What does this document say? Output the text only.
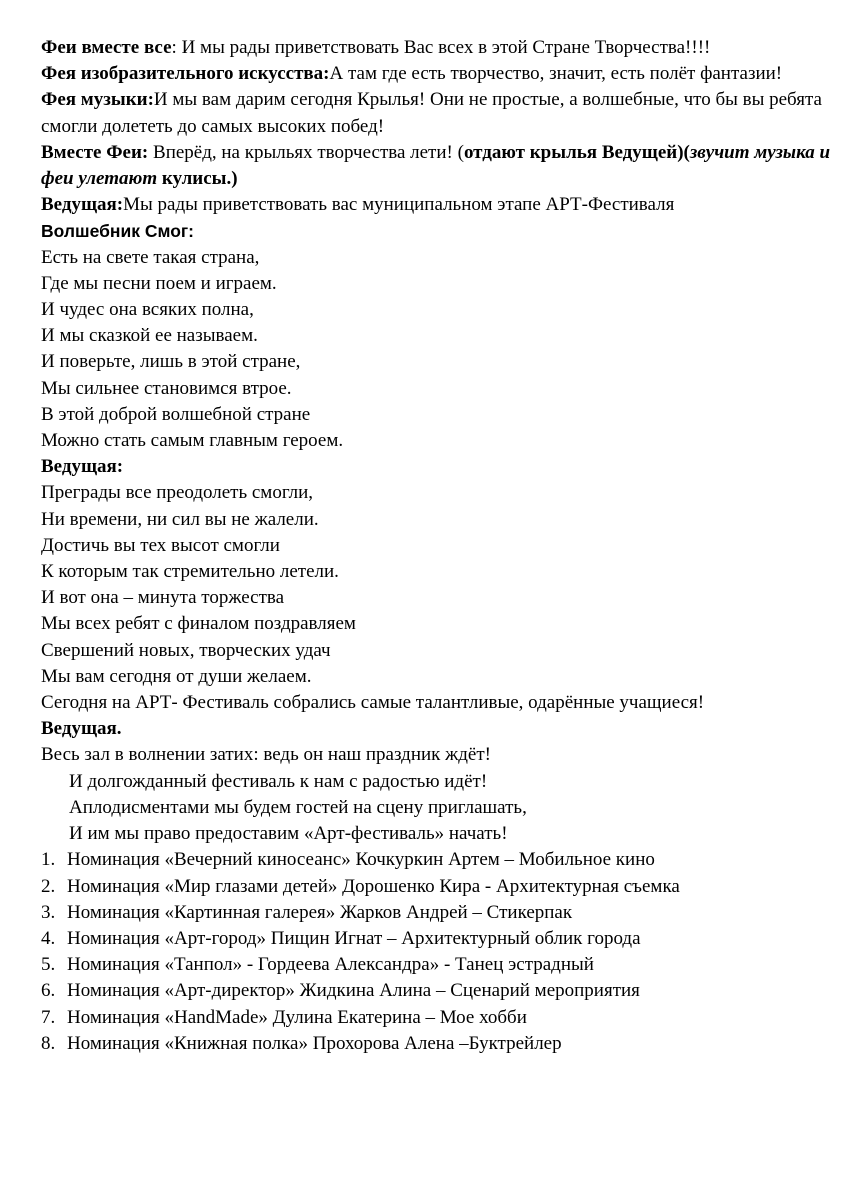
Феи вместе все: И мы рады приветствовать Вас всех в этой Стране Творчества!!!!

Фея изобразительного искусства:А там где есть творчество, значит, есть полёт фантазии!

Фея музыки:И мы вам дарим сегодня Крылья! Они не простые, а волшебные, что бы вы ребята смогли долететь до самых высоких побед!

Вместе Феи: Вперёд, на крыльях творчества лети! (отдают крылья Ведущей)(звучит музыка и феи улетают кулисы.)

Ведущая:Мы рады приветствовать вас муниципальном этапе АРТ-Фестиваля

Волшебник Смог:

Есть на свете такая страна,

Где мы песни поем и играем.

И чудес она всяких полна,

И мы сказкой ее называем.

И поверьте, лишь в этой стране,

Мы сильнее становимся втрое.

В этой доброй волшебной стране

Можно стать самым главным героем.

Ведущая:

Преграды все преодолеть смогли,

Ни времени, ни сил вы не жалели.

Достичь вы тех высот смогли

К которым так стремительно летели.

И вот она – минута торжества

Мы всех ребят с финалом поздравляем

Свершений новых, творческих удач

Мы вам сегодня от души желаем.

Сегодня на АРТ- Фестиваль собрались самые талантливые, одарённые учащиеся!

Ведущая.

Весь зал в волнении затих: ведь он наш праздник ждёт!

И долгожданный фестиваль к нам с радостью идёт!

Аплодисментами мы будем гостей на сцену приглашать,

И им мы право предоставим «Арт-фестиваль» начать!

1. Номинация «Вечерний киносеанс» Кочкуркин Артем – Мобильное кино

2. Номинация «Мир глазами детей» Дорошенко Кира - Архитектурная съемка

3. Номинация «Картинная галерея» Жарков Андрей – Стикерпак

4. Номинация «Арт-город» Пищин Игнат – Архитектурный облик города

5. Номинация «Танпол» - Гордеева Александра» - Танец эстрадный

6. Номинация «Арт-директор» Жидкина Алина – Сценарий мероприятия

7. Номинация «HandMade» Дулина Екатерина – Мое хобби

8. Номинация «Книжная полка» Прохорова Алена –Буктрейлер
